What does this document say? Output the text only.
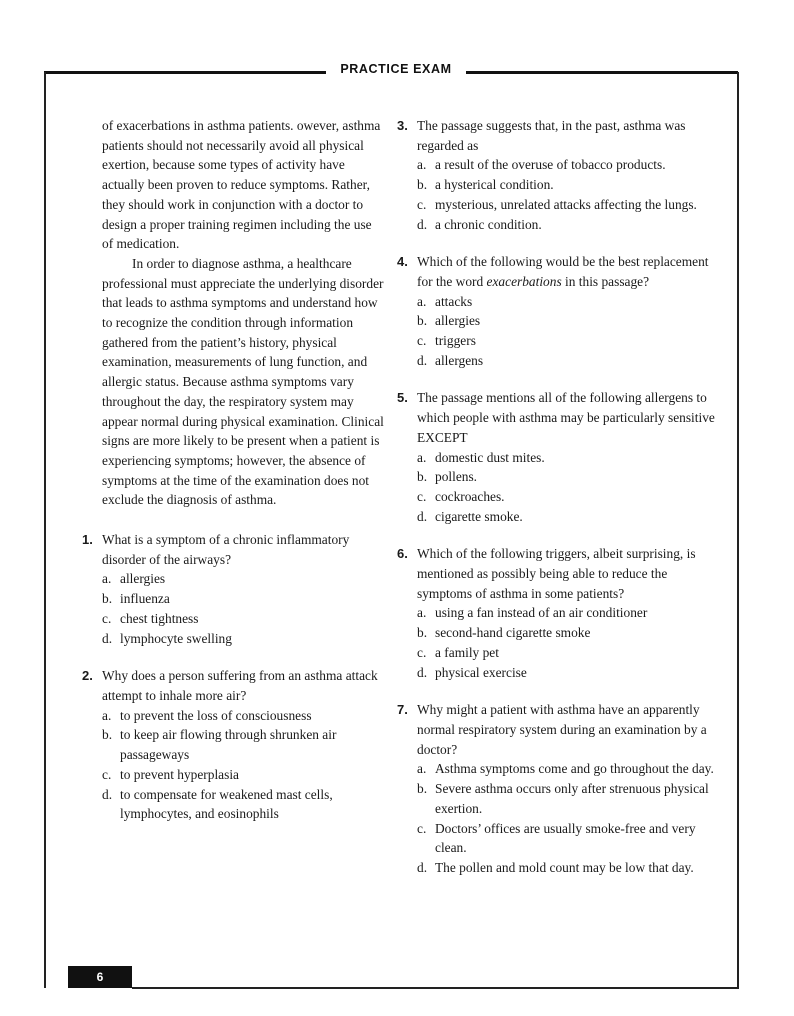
PRACTICE EXAM
6

of exacerbations in asthma patients. owever, asthma patients should not necessarily avoid all physical exertion, because some types of activity have actually been proven to reduce symptoms. Rather, they should work in conjunction with a doctor to design a proper training regimen including the use of medication.

In order to diagnose asthma, a healthcare professional must appreciate the underlying disorder that leads to asthma symptoms and understand how to recognize the condition through information gathered from the patient’s history, physical examination, measurements of lung function, and allergic status. Because asthma symptoms vary throughout the day, the respiratory system may appear normal during physical examination. Clinical signs are more likely to be present when a patient is experiencing symptoms; however, the absence of symptoms at the time of the examination does not exclude the diagnosis of asthma.

1. What is a symptom of a chronic inflammatory disorder of the airways?

a. allergies
b. influenza
c. chest tightness
d. lymphocyte swelling
2. Why does a person suffering from an asthma attack attempt to inhale more air?

a. to prevent the loss of consciousness
b. to keep air flowing through shrunken air passageways
c. to prevent hyperplasia
d. to compensate for weakened mast cells, lymphocytes, and eosinophils
3. The passage suggests that, in the past, asthma was regarded as

a. a result of the overuse of tobacco products.
b. a hysterical condition.
c. mysterious, unrelated attacks affecting the lungs.
d. a chronic condition.
4. Which of the following would be the best replacement for the word exacerbations in this passage?

a. attacks
b. allergies
c. triggers
d. allergens
5. The passage mentions all of the following allergens to which people with asthma may be particularly sensitive EXCEPT

a. domestic dust mites.
b. pollens.
c. cockroaches.
d. cigarette smoke.
6. Which of the following triggers, albeit surprising, is mentioned as possibly being able to reduce the symptoms of asthma in some patients?

a. using a fan instead of an air conditioner
b. second-hand cigarette smoke
c. a family pet
d. physical exercise
7. Why might a patient with asthma have an apparently normal respiratory system during an examination by a doctor?

a. Asthma symptoms come and go throughout the day.
b. Severe asthma occurs only after strenuous physical exertion.
c. Doctors’ offices are usually smoke-free and very clean.
d. The pollen and mold count may be low that day.
